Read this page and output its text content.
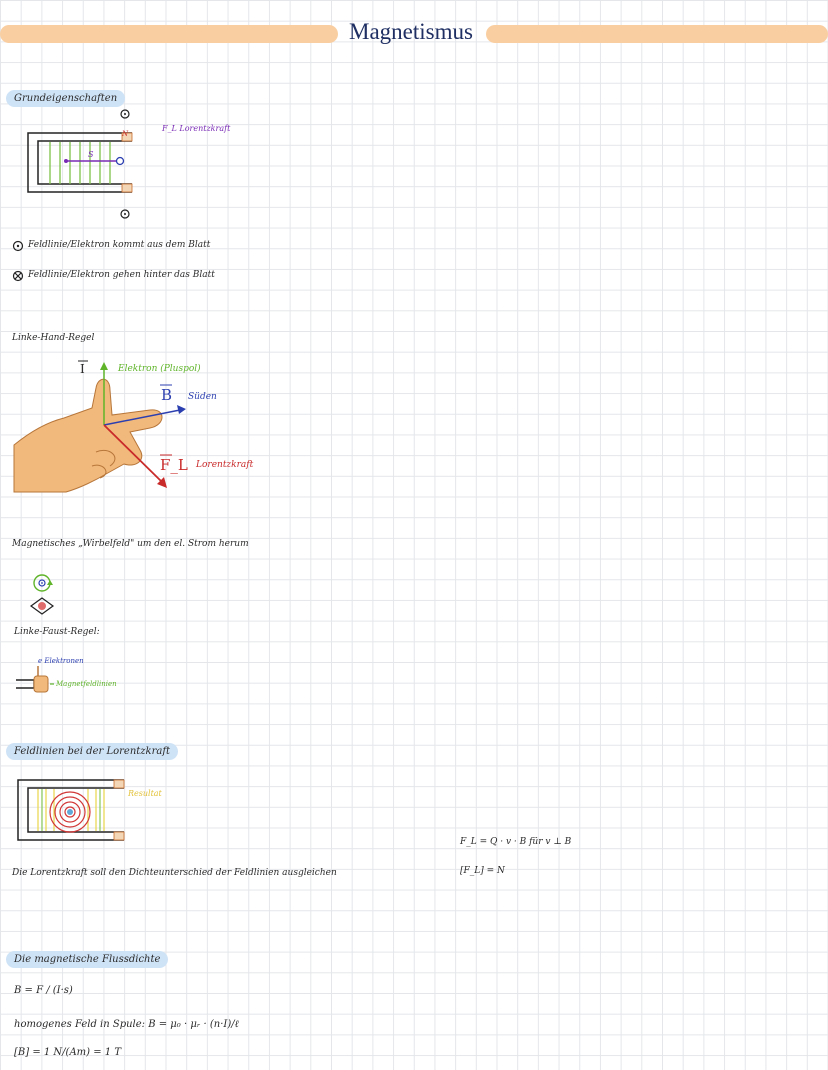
Magnetismus
Grundeigenschaften
F_L Lorentzkraft
S
N
Feldlinie/Elektron kommt aus dem Blatt
Feldlinie/Elektron gehen hinter das Blatt
Linke-Hand-Regel
I	Elektron (Pluspol)
B Süden
F_L Lorentzkraft
Magnetisches „Wirbelfeld" um den el. Strom herum
Linke-Faust-Regel:
e Elektronen
Magnetfeldlinien
Feldlinien bei der Lorentzkraft
Resultat
Die Lorentzkraft soll den Dichteunterschied der Feldlinien ausgleichen
F_L = Q · v · B für v ⊥ B
[F_L] = N
Die magnetische Flussdichte
B = F / (I·s)
homogenes Feld in Spule: B = μ₀ · μᵣ · (n·I)/ℓ
[B] = 1 N/(Am) = 1 T
